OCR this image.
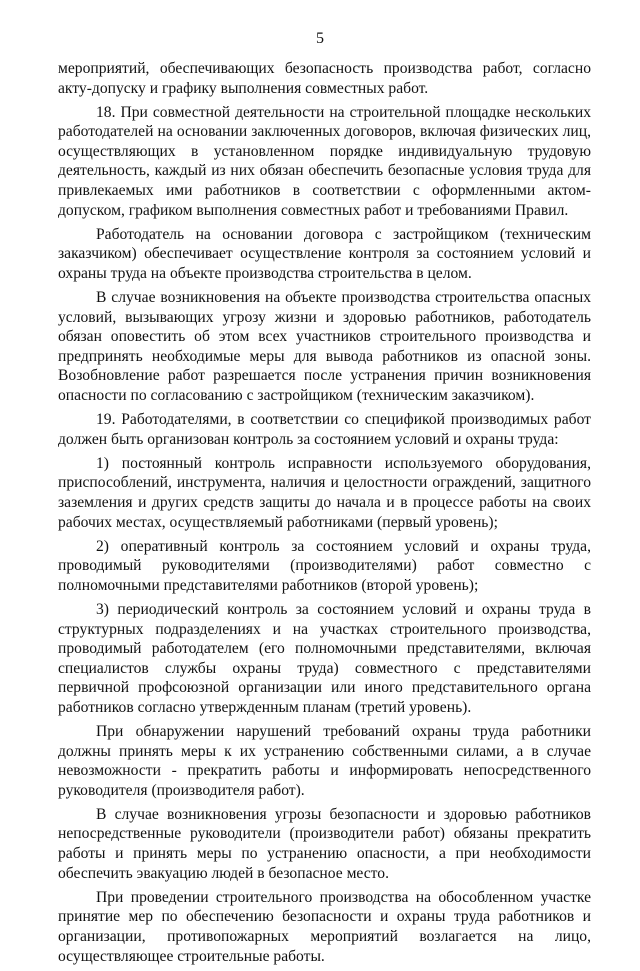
5

мероприятий, обеспечивающих безопасность производства работ, согласно акту-допуску и графику выполнения совместных работ.

18. При совместной деятельности на строительной площадке нескольких работодателей на основании заключенных договоров, включая физических лиц, осуществляющих в установленном порядке индивидуальную трудовую деятельность, каждый из них обязан обеспечить безопасные условия труда для привлекаемых ими работников в соответствии с оформленными актом-допуском, графиком выполнения совместных работ и требованиями Правил.

Работодатель на основании договора с застройщиком (техническим заказчиком) обеспечивает осуществление контроля за состоянием условий и охраны труда на объекте производства строительства в целом.

В случае возникновения на объекте производства строительства опасных условий, вызывающих угрозу жизни и здоровью работников, работодатель обязан оповестить об этом всех участников строительного производства и предпринять необходимые меры для вывода работников из опасной зоны. Возобновление работ разрешается после устранения причин возникновения опасности по согласованию с застройщиком (техническим заказчиком).

19. Работодателями, в соответствии со спецификой производимых работ должен быть организован контроль за состоянием условий и охраны труда:

1) постоянный контроль исправности используемого оборудования, приспособлений, инструмента, наличия и целостности ограждений, защитного заземления и других средств защиты до начала и в процессе работы на своих рабочих местах, осуществляемый работниками (первый уровень);

2) оперативный контроль за состоянием условий и охраны труда, проводимый руководителями (производителями) работ совместно с полномочными представителями работников (второй уровень);

3) периодический контроль за состоянием условий и охраны труда в структурных подразделениях и на участках строительного производства, проводимый работодателем (его полномочными представителями, включая специалистов службы охраны труда) совместного с представителями первичной профсоюзной организации или иного представительного органа работников согласно утвержденным планам (третий уровень).

При обнаружении нарушений требований охраны труда работники должны принять меры к их устранению собственными силами, а в случае невозможности - прекратить работы и информировать непосредственного руководителя (производителя работ).

В случае возникновения угрозы безопасности и здоровью работников непосредственные руководители (производители работ) обязаны прекратить работы и принять меры по устранению опасности, а при необходимости обеспечить эвакуацию людей в безопасное место.

При проведении строительного производства на обособленном участке принятие мер по обеспечению безопасности и охраны труда работников и организации, противопожарных мероприятий возлагается на лицо, осуществляющее строительные работы.
